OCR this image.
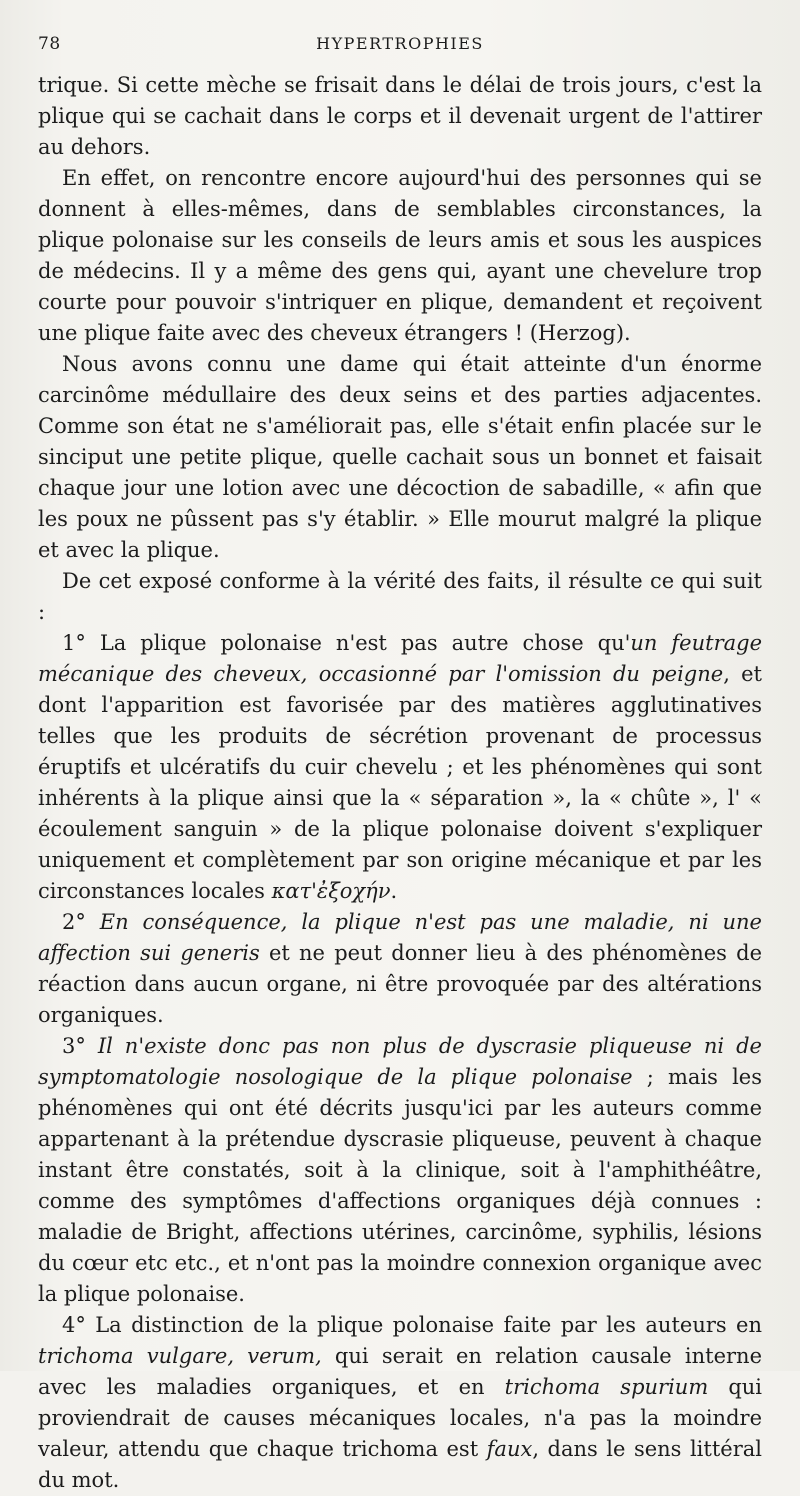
78	HYPERTROPHIES

trique. Si cette mèche se frisait dans le délai de trois jours, c'est la plique qui se cachait dans le corps et il devenait urgent de l'attirer au dehors.

En effet, on rencontre encore aujourd'hui des personnes qui se donnent à elles-mêmes, dans de semblables circonstances, la plique polonaise sur les conseils de leurs amis et sous les auspices de médecins. Il y a même des gens qui, ayant une chevelure trop courte pour pouvoir s'intriquer en plique, demandent et reçoivent une plique faite avec des cheveux étrangers ! (Herzog).

Nous avons connu une dame qui était atteinte d'un énorme carcinôme médullaire des deux seins et des parties adjacentes. Comme son état ne s'améliorait pas, elle s'était enfin placée sur le sinciput une petite plique, quelle cachait sous un bonnet et faisait chaque jour une lotion avec une décoction de sabadille, « afin que les poux ne pûssent pas s'y établir. » Elle mourut malgré la plique et avec la plique.

De cet exposé conforme à la vérité des faits, il résulte ce qui suit :

1° La plique polonaise n'est pas autre chose qu'un feutrage mécanique des cheveux, occasionné par l'omission du peigne, et dont l'apparition est favorisée par des matières agglutinatives telles que les produits de sécrétion provenant de processus éruptifs et ulcératifs du cuir chevelu ; et les phénomènes qui sont inhérents à la plique ainsi que la « séparation », la « chûte », l' « écoulement sanguin » de la plique polonaise doivent s'expliquer uniquement et complètement par son origine mécanique et par les circonstances locales κατ'ἐξοχήν.

2° En conséquence, la plique n'est pas une maladie, ni une affection sui generis et ne peut donner lieu à des phénomènes de réaction dans aucun organe, ni être provoquée par des altérations organiques.

3° Il n'existe donc pas non plus de dyscrasie pliqueuse ni de symptomatologie nosologique de la plique polonaise ; mais les phénomènes qui ont été décrits jusqu'ici par les auteurs comme appartenant à la prétendue dyscrasie pliqueuse, peuvent à chaque instant être constatés, soit à la clinique, soit à l'amphithéâtre, comme des symptômes d'affections organiques déjà connues : maladie de Bright, affections utérines, carcinôme, syphilis, lésions du cœur etc etc., et n'ont pas la moindre connexion organique avec la plique polonaise.

4° La distinction de la plique polonaise faite par les auteurs en trichoma vulgare, verum, qui serait en relation causale interne avec les maladies organiques, et en trichoma spurium qui proviendrait de causes mécaniques locales, n'a pas la moindre valeur, attendu que chaque trichoma est faux, dans le sens littéral du mot.
